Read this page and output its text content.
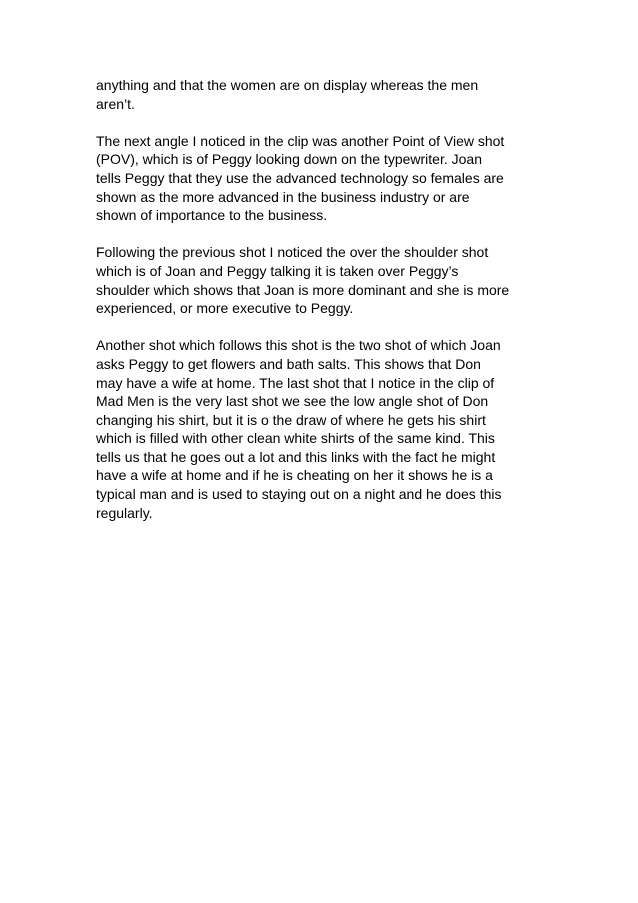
anything and that the women are on display whereas the men
aren’t.

The next angle I noticed in the clip was another Point of View shot
(POV), which is of Peggy looking down on the typewriter. Joan
tells Peggy that they use the advanced technology so females are
shown as the more advanced in the business industry or are
shown of importance to the business.

Following the previous shot I noticed the over the shoulder shot
which is of Joan and Peggy talking it is taken over Peggy’s
shoulder which shows that Joan is more dominant and she is more
experienced, or more executive to Peggy.

Another shot which follows this shot is the two shot of which Joan
asks Peggy to get flowers and bath salts. This shows that Don
may have a wife at home. The last shot that I notice in the clip of
Mad Men is the very last shot we see the low angle shot of Don
changing his shirt, but it is o the draw of where he gets his shirt
which is filled with other clean white shirts of the same kind. This
tells us that he goes out a lot and this links with the fact he might
have a wife at home and if he is cheating on her it shows he is a
typical man and is used to staying out on a night and he does this
regularly.
